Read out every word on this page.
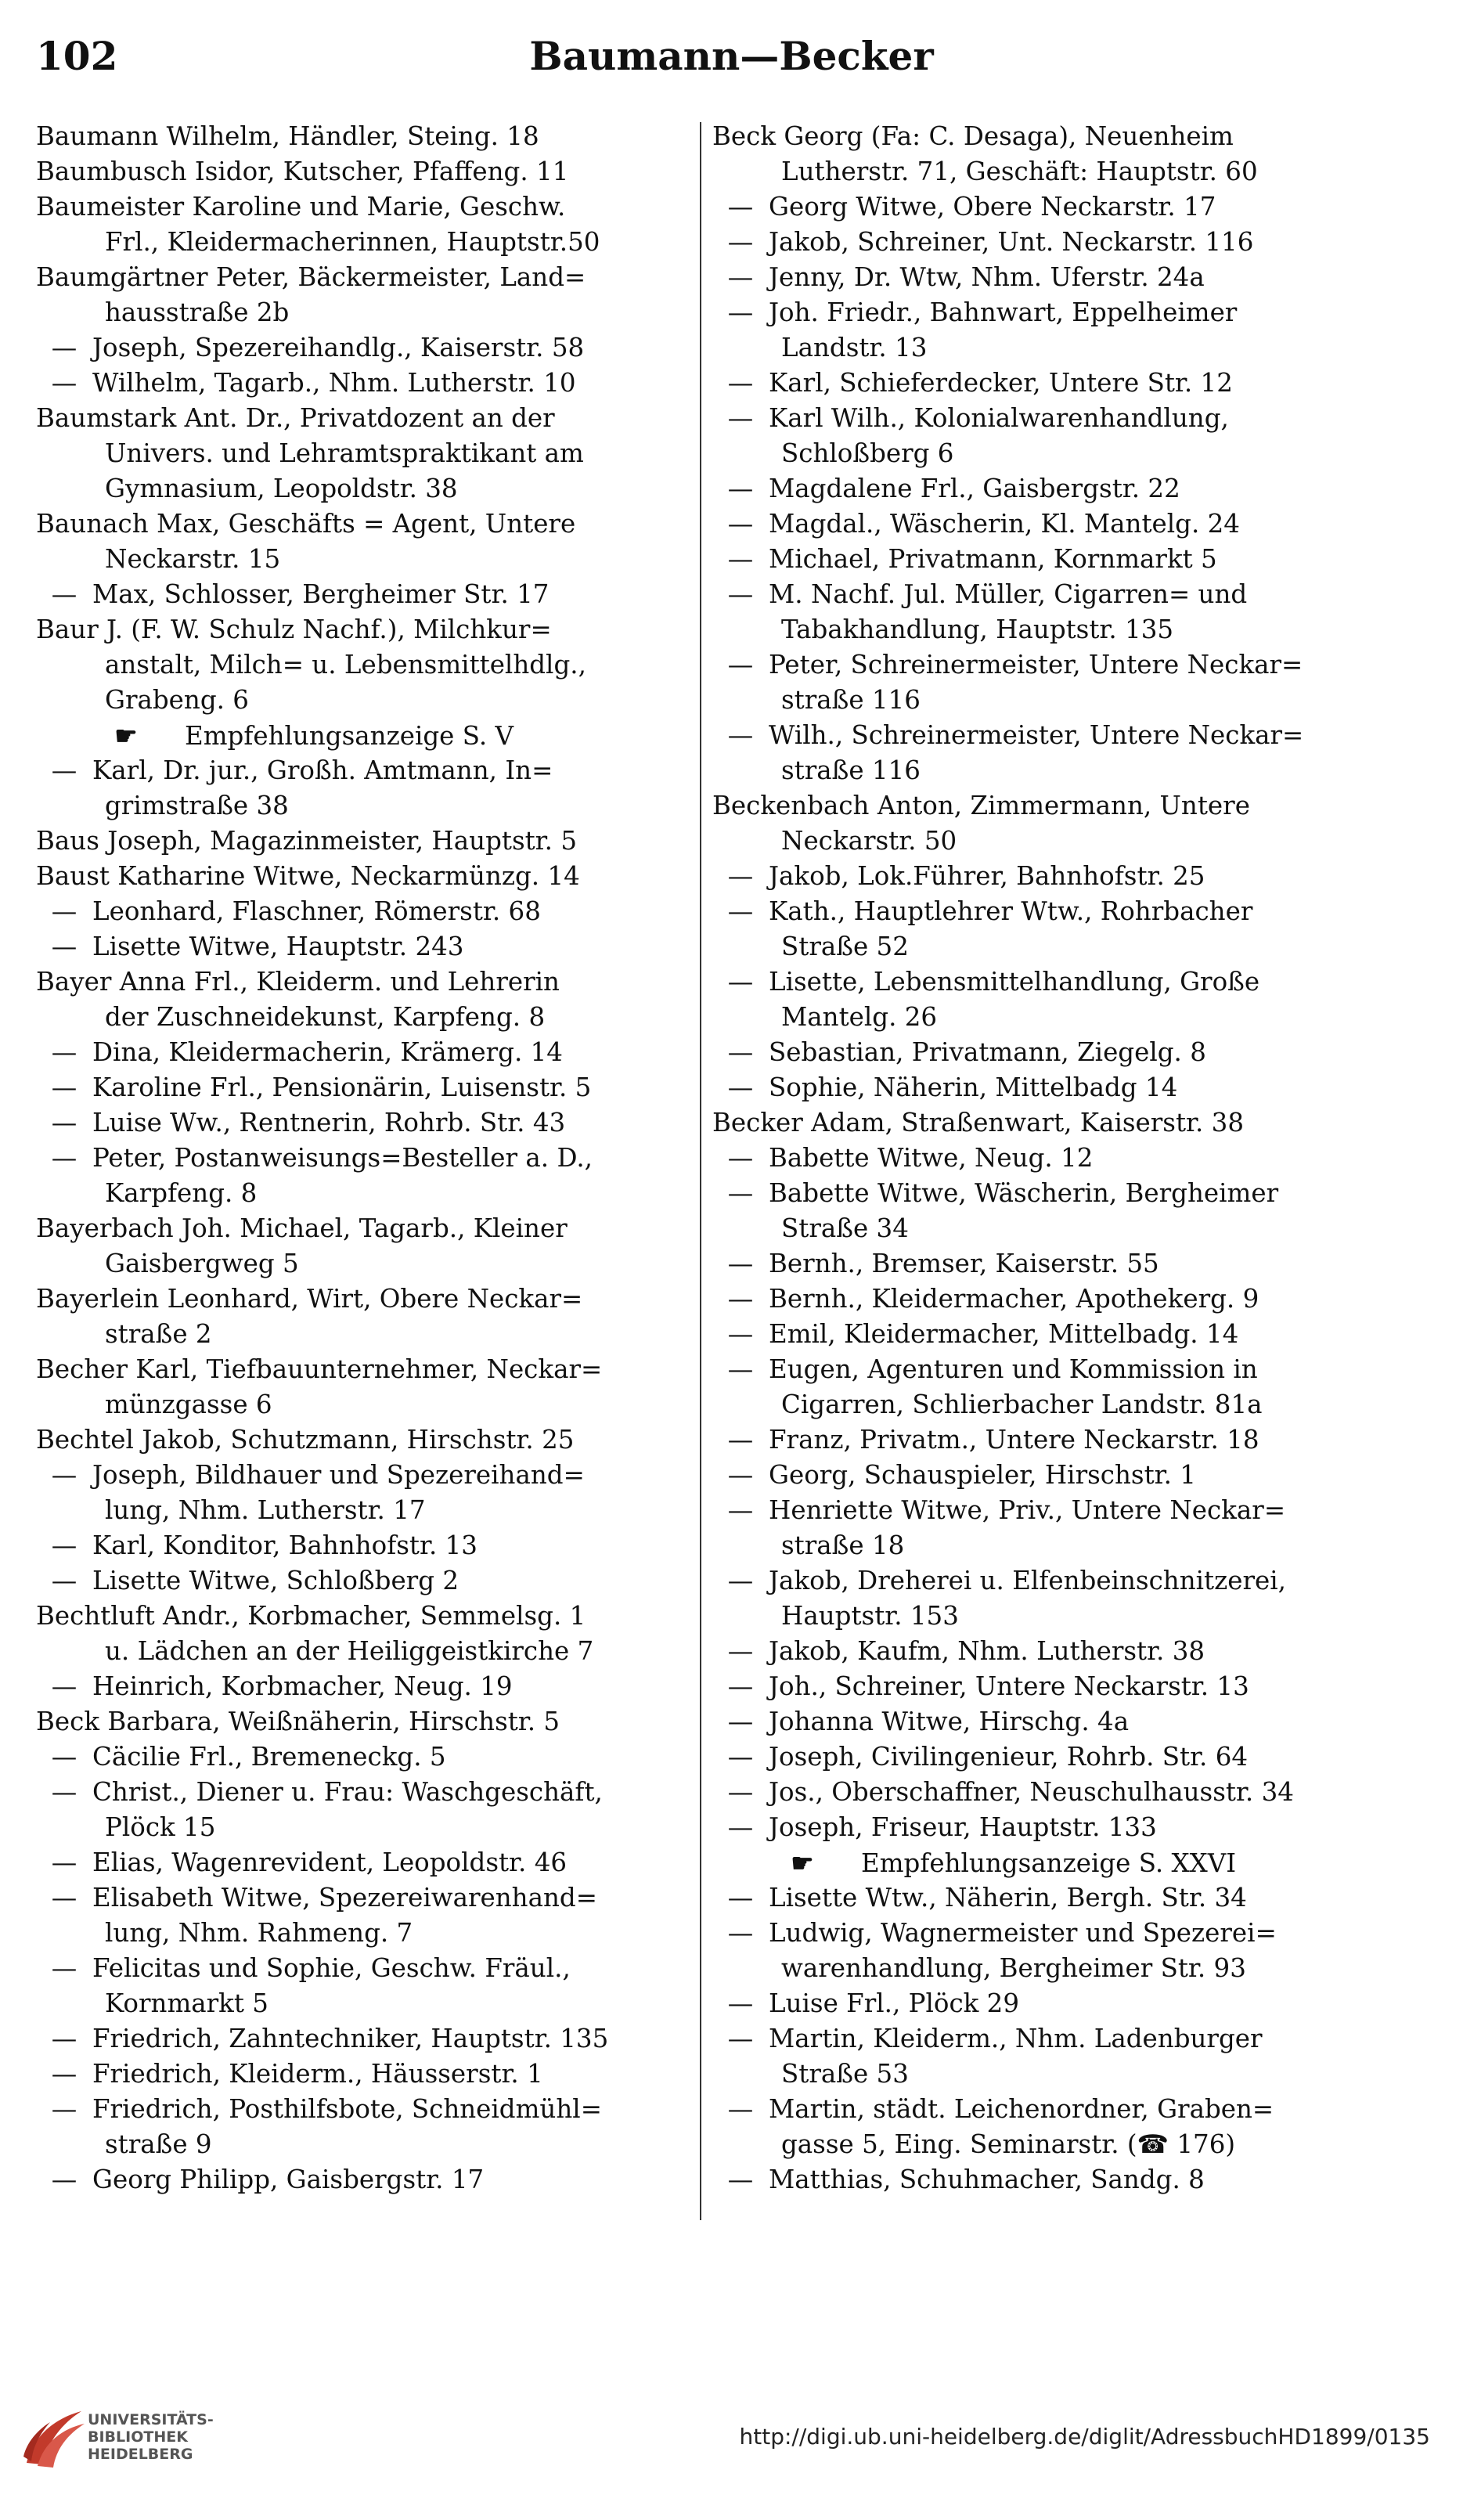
102	Baumann—Becker
Baumann Wilhelm, Händler, Steing. 18
Baumbusch Isidor, Kutscher, Pfaffeng. 11
Baumeister Karoline und Marie, Geschw.
Frl., Kleidermacherinnen, Hauptstr.50
Baumgärtner Peter, Bäckermeister, Land=
hausstraße 2b
— Joseph, Spezereihandlg., Kaiserstr. 58
— Wilhelm, Tagarb., Nhm. Lutherstr. 10
Baumstark Ant. Dr., Privatdozent an der
Univers. und Lehramtspraktikant am
Gymnasium, Leopoldstr. 38
Baunach Max, Geschäfts = Agent, Untere
Neckarstr. 15
— Max, Schlosser, Bergheimer Str. 17
Baur J. (F. W. Schulz Nachf.), Milchkur=
anstalt, Milch= u. Lebensmittelhdlg.,
Grabeng. 6
☛ Empfehlungsanzeige S. V
— Karl, Dr. jur., Großh. Amtmann, In=
grimstraße 38
Baus Joseph, Magazinmeister, Hauptstr. 5
Baust Katharine Witwe, Neckarmünzg. 14
— Leonhard, Flaschner, Römerstr. 68
— Lisette Witwe, Hauptstr. 243
Bayer Anna Frl., Kleiderm. und Lehrerin
der Zuschneidekunst, Karpfeng. 8
— Dina, Kleidermacherin, Krämerg. 14
— Karoline Frl., Pensionärin, Luisenstr. 5
— Luise Ww., Rentnerin, Rohrb. Str. 43
— Peter, Postanweisungs=Besteller a. D.,
Karpfeng. 8
Bayerbach Joh. Michael, Tagarb., Kleiner
Gaisbergweg 5
Bayerlein Leonhard, Wirt, Obere Neckar=
straße 2
Becher Karl, Tiefbauunternehmer, Neckar=
münzgasse 6
Bechtel Jakob, Schutzmann, Hirschstr. 25
— Joseph, Bildhauer und Spezereihand=
lung, Nhm. Lutherstr. 17
— Karl, Konditor, Bahnhofstr. 13
— Lisette Witwe, Schloßberg 2
Bechtluft Andr., Korbmacher, Semmelsg. 1
u. Lädchen an der Heiliggeistkirche 7
— Heinrich, Korbmacher, Neug. 19
Beck Barbara, Weißnäherin, Hirschstr. 5
— Cäcilie Frl., Bremeneckg. 5
— Christ., Diener u. Frau: Waschgeschäft,
Plöck 15
— Elias, Wagenrevident, Leopoldstr. 46
— Elisabeth Witwe, Spezereiwarenhand=
lung, Nhm. Rahmeng. 7
— Felicitas und Sophie, Geschw. Fräul.,
Kornmarkt 5
— Friedrich, Zahntechniker, Hauptstr. 135
— Friedrich, Kleiderm., Häusserstr. 1
— Friedrich, Posthilfsbote, Schneidmühl=
straße 9
— Georg Philipp, Gaisbergstr. 17
Beck Georg (Fa: C. Desaga), Neuenheim
Lutherstr. 71, Geschäft: Hauptstr. 60
— Georg Witwe, Obere Neckarstr. 17
— Jakob, Schreiner, Unt. Neckarstr. 116
— Jenny, Dr. Wtw, Nhm. Uferstr. 24a
— Joh. Friedr., Bahnwart, Eppelheimer
Landstr. 13
— Karl, Schieferdecker, Untere Str. 12
— Karl Wilh., Kolonialwarenhandlung,
Schloßberg 6
— Magdalene Frl., Gaisbergstr. 22
— Magdal., Wäscherin, Kl. Mantelg. 24
— Michael, Privatmann, Kornmarkt 5
— M. Nachf. Jul. Müller, Cigarren= und
Tabakhandlung, Hauptstr. 135
— Peter, Schreinermeister, Untere Neckar=
straße 116
— Wilh., Schreinermeister, Untere Neckar=
straße 116
Beckenbach Anton, Zimmermann, Untere
Neckarstr. 50
— Jakob, Lok.Führer, Bahnhofstr. 25
— Kath., Hauptlehrer Wtw., Rohrbacher
Straße 52
— Lisette, Lebensmittelhandlung, Große
Mantelg. 26
— Sebastian, Privatmann, Ziegelg. 8
— Sophie, Näherin, Mittelbadg 14
Becker Adam, Straßenwart, Kaiserstr. 38
— Babette Witwe, Neug. 12
— Babette Witwe, Wäscherin, Bergheimer
Straße 34
— Bernh., Bremser, Kaiserstr. 55
— Bernh., Kleidermacher, Apothekerg. 9
— Emil, Kleidermacher, Mittelbadg. 14
— Eugen, Agenturen und Kommission in
Cigarren, Schlierbacher Landstr. 81a
— Franz, Privatm., Untere Neckarstr. 18
— Georg, Schauspieler, Hirschstr. 1
— Henriette Witwe, Priv., Untere Neckar=
straße 18
— Jakob, Dreherei u. Elfenbeinschnitzerei,
Hauptstr. 153
— Jakob, Kaufm, Nhm. Lutherstr. 38
— Joh., Schreiner, Untere Neckarstr. 13
— Johanna Witwe, Hirschg. 4a
— Joseph, Civilingenieur, Rohrb. Str. 64
— Jos., Oberschaffner, Neuschulhausstr. 34
— Joseph, Friseur, Hauptstr. 133
☛ Empfehlungsanzeige S. XXVI
— Lisette Wtw., Näherin, Bergh. Str. 34
— Ludwig, Wagnermeister und Spezerei=
warenhandlung, Bergheimer Str. 93
— Luise Frl., Plöck 29
— Martin, Kleiderm., Nhm. Ladenburger
Straße 53
— Martin, städt. Leichenordner, Graben=
gasse 5, Eing. Seminarstr. (☎ 176)
— Matthias, Schuhmacher, Sandg. 8
UNIVERSITÄTS-
BIBLIOTHEK
HEIDELBERG
http://digi.ub.uni-heidelberg.de/diglit/AdressbuchHD1899/0135
